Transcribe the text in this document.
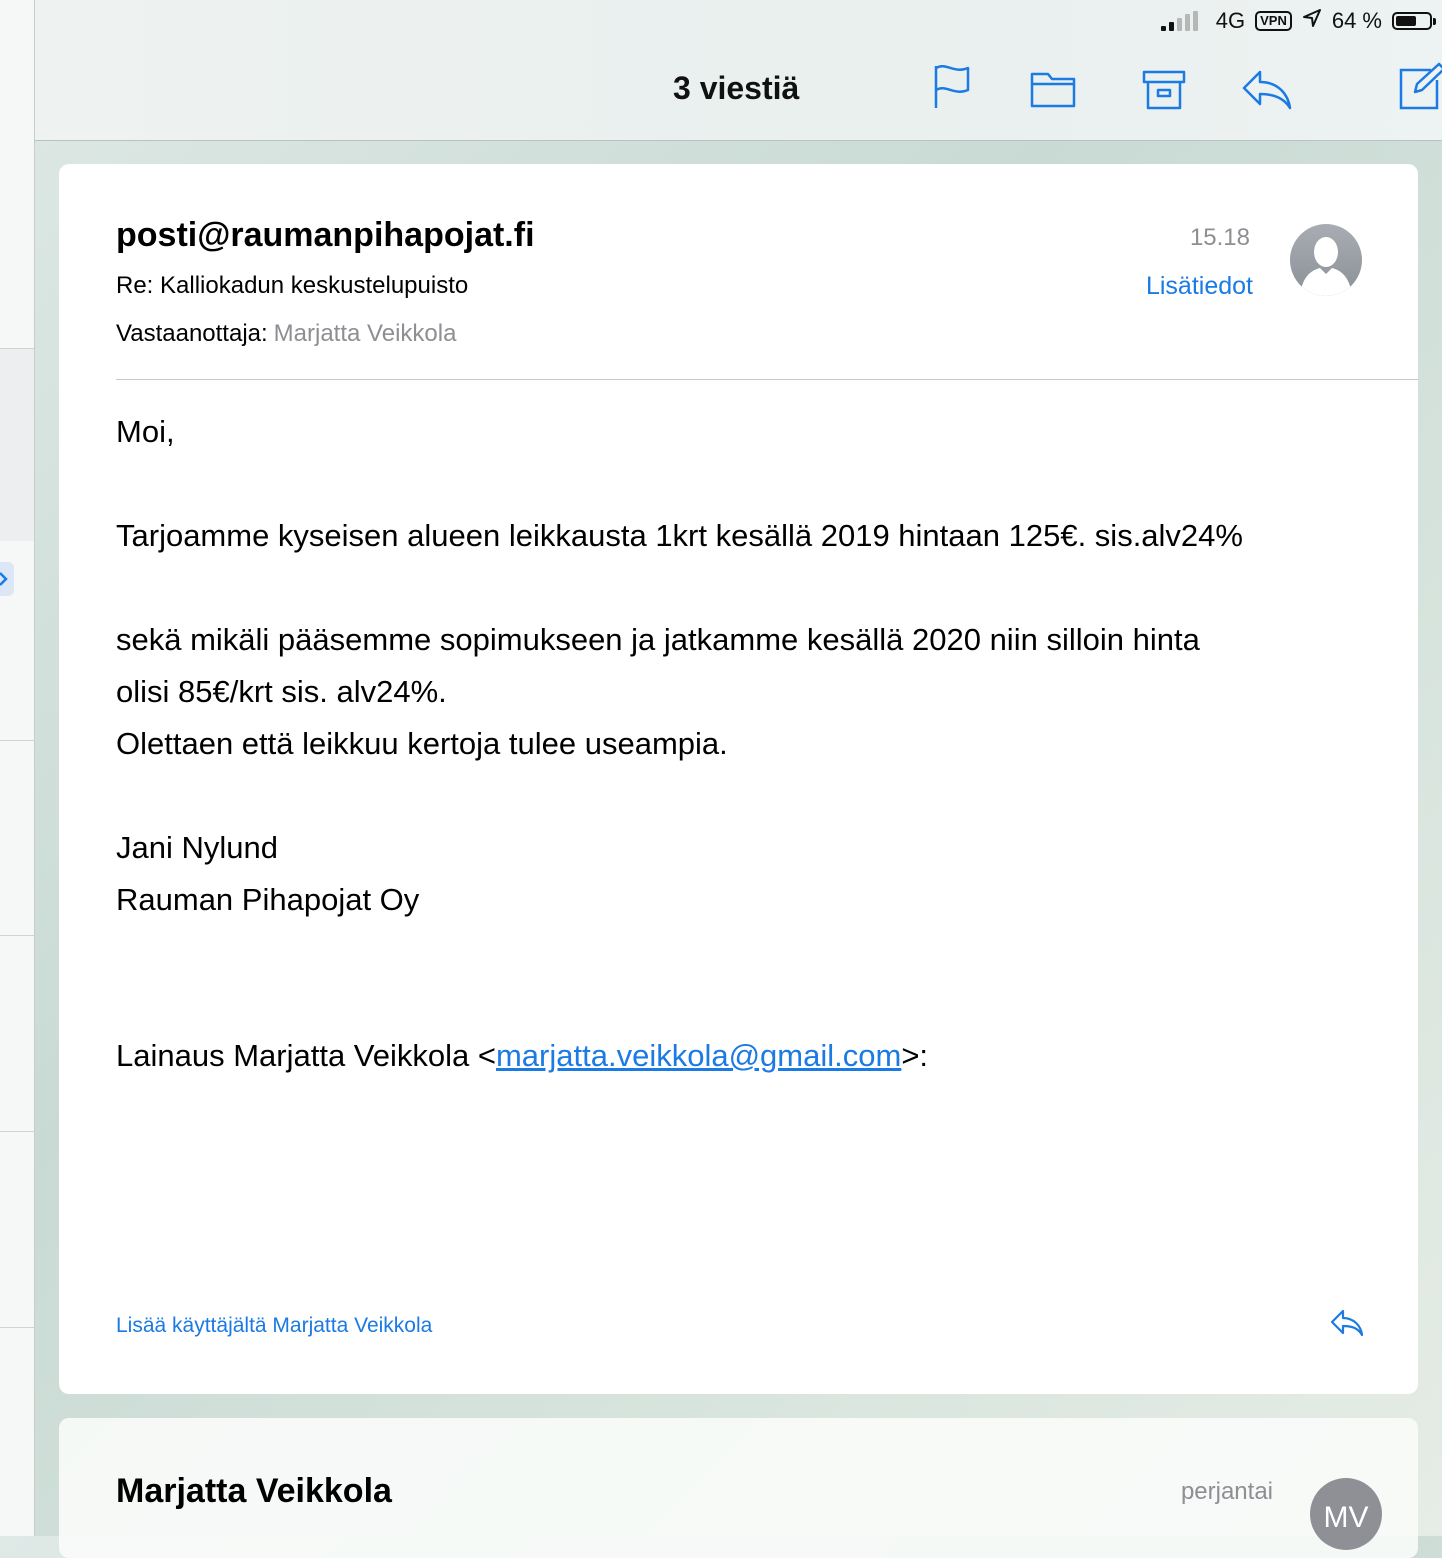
4G	VPN 64 %
3 viestiä
posti@raumanpihapojat.fi
Re: Kalliokadun keskustelupuisto
Vastaanottaja: Marjatta Veikkola
15.18
Lisätiedot

Moi,

Tarjoamme kyseisen alueen leikkausta 1krt kesällä 2019 hintaan 125€. sis.alv24%

sekä mikäli pääsemme sopimukseen ja jatkamme kesällä 2020 niin silloin hinta

olisi 85€/krt sis. alv24%.

Olettaen että leikkuu kertoja tulee useampia.

Jani Nylund

Rauman Pihapojat Oy

Lainaus Marjatta Veikkola <marjatta.veikkola@gmail.com>:

Lisää käyttäjältä Marjatta Veikkola
Marjatta Veikkola	perjantai
MV
